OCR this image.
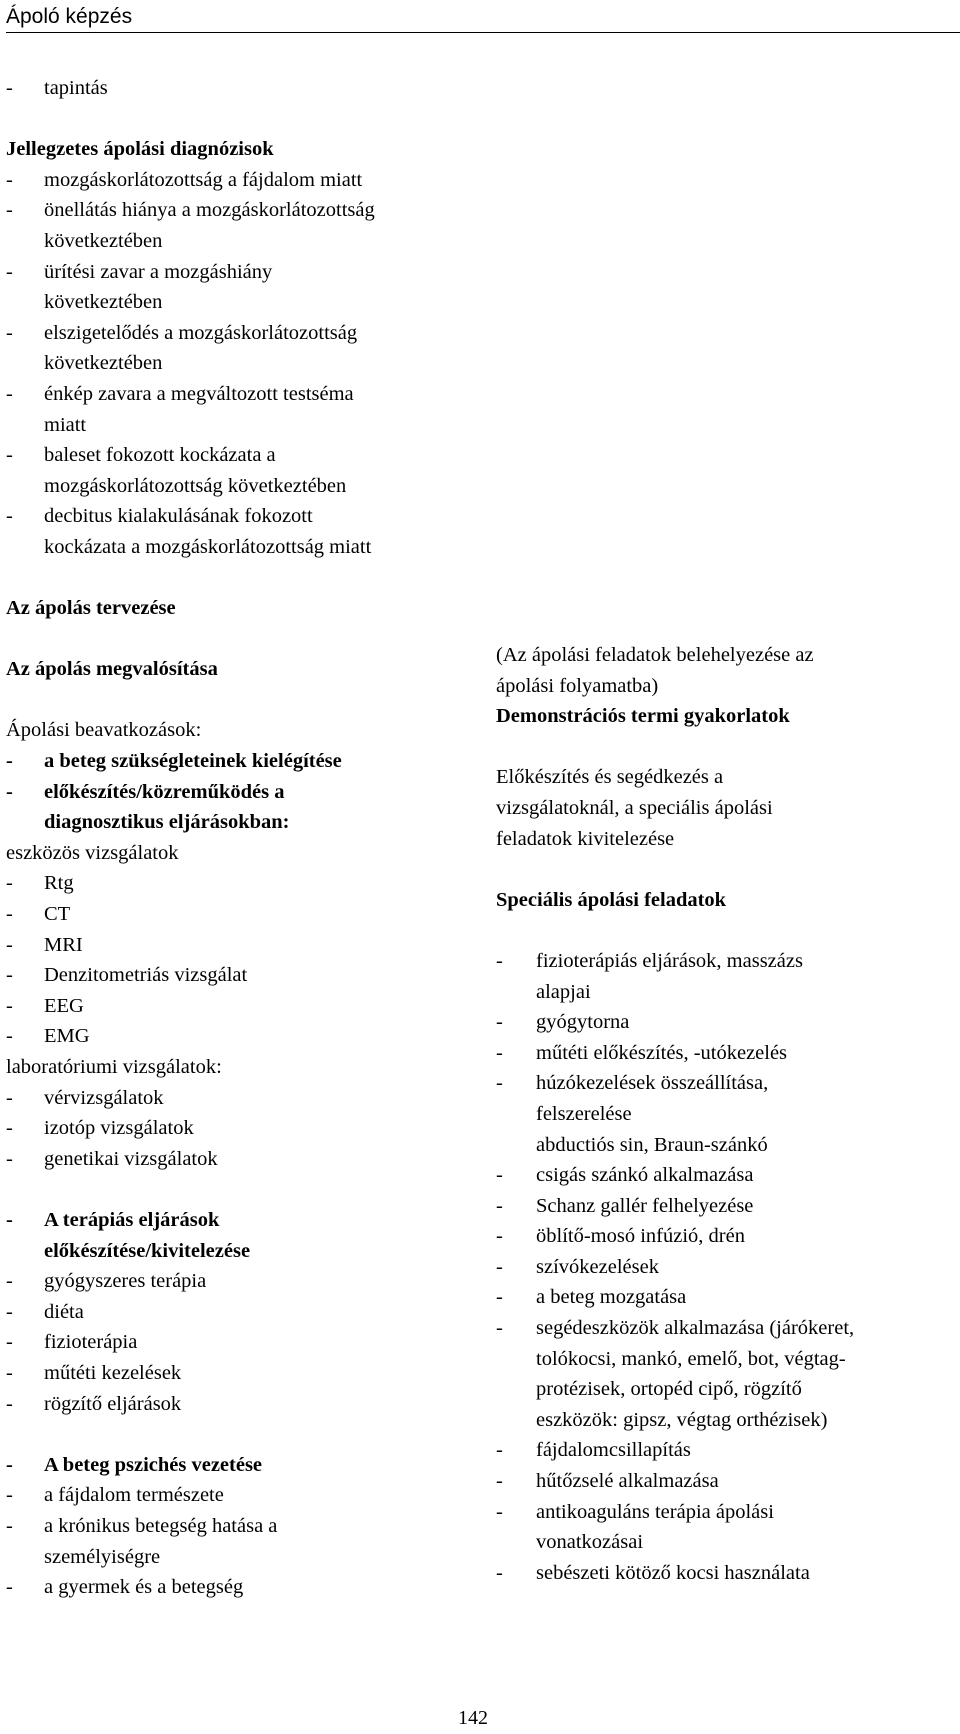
Ápoló képzés
- tapintás
Jellegzetes ápolási diagnózisok
- mozgáskorlátozottság a fájdalom miatt
- önellátás hiánya a mozgáskorlátozottság
következtében
- ürítési zavar a mozgáshiány
következtében
- elszigetelődés a mozgáskorlátozottság
következtében
- énkép zavara a megváltozott testséma
miatt
- baleset fokozott kockázata a
mozgáskorlátozottság következtében
- decbitus kialakulásának fokozott
kockázata a mozgáskorlátozottság miatt
Az ápolás tervezése
Az ápolás megvalósítása
Ápolási beavatkozások:
- a beteg szükségleteinek kielégítése
- előkészítés/közreműködés a
diagnosztikus eljárásokban:
eszközös vizsgálatok
- Rtg
- CT
- MRI
- Denzitometriás vizsgálat
- EEG
- EMG
laboratóriumi vizsgálatok:
- vérvizsgálatok
- izotóp vizsgálatok
- genetikai vizsgálatok
- A terápiás eljárások
előkészítése/kivitelezése
- gyógyszeres terápia
- diéta
- fizioterápia
- műtéti kezelések
- rögzítő eljárások
- A beteg pszichés vezetése
- a fájdalom természete
- a krónikus betegség hatása a
személyiségre
- a gyermek és a betegség
(Az ápolási feladatok belehelyezése az
ápolási folyamatba)
Demonstrációs termi gyakorlatok
Előkészítés és segédkezés a
vizsgálatoknál, a speciális ápolási
feladatok kivitelezése
Speciális ápolási feladatok
- fizioterápiás eljárások, masszázs
alapjai
- gyógytorna
- műtéti előkészítés, -utókezelés
- húzókezelések összeállítása,
felszerelése
abductiós sin, Braun-szánkó
- csigás szánkó alkalmazása
- Schanz gallér felhelyezése
- öblítő-mosó infúzió, drén
- szívókezelések
- a beteg mozgatása
- segédeszközök alkalmazása (járókeret,
tolókocsi, mankó, emelő, bot, végtag-
protézisek, ortopéd cipő, rögzítő
eszközök: gipsz, végtag orthézisek)
- fájdalomcsillapítás
- hűtőzselé alkalmazása
- antikoaguláns terápia ápolási
vonatkozásai
- sebészeti kötöző kocsi használata
142
